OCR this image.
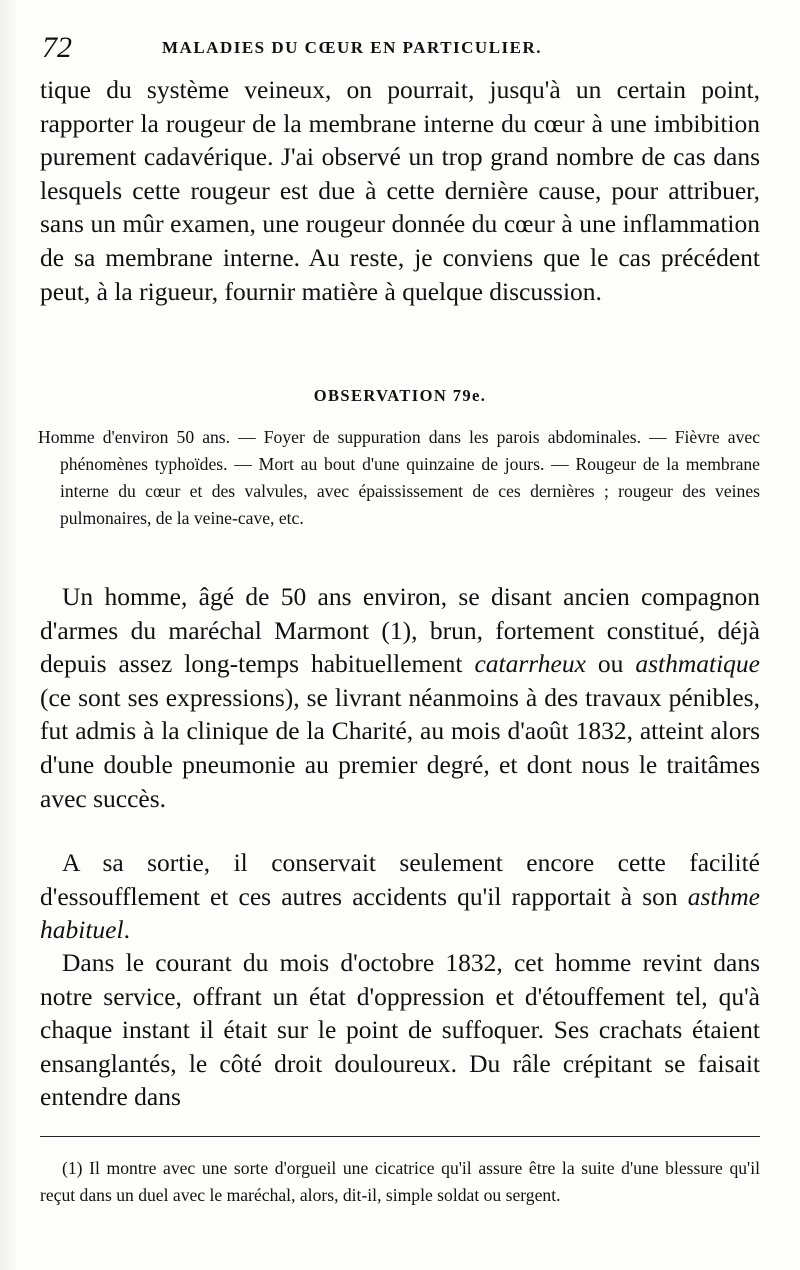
72	MALADIES DU CŒUR EN PARTICULIER.

tique du système veineux, on pourrait, jusqu'à un certain point, rapporter la rougeur de la membrane interne du cœur à une imbibition purement cadavérique. J'ai observé un trop grand nombre de cas dans lesquels cette rougeur est due à cette dernière cause, pour attribuer, sans un mûr examen, une rougeur donnée du cœur à une inflammation de sa membrane interne. Au reste, je conviens que le cas précédent peut, à la rigueur, fournir matière à quelque discussion.

OBSERVATION 79e.

Homme d'environ 50 ans. — Foyer de suppuration dans les parois abdominales. — Fièvre avec phénomènes typhoïdes. — Mort au bout d'une quinzaine de jours. — Rougeur de la membrane interne du cœur et des valvules, avec épaississement de ces dernières ; rougeur des veines pulmonaires, de la veine-cave, etc.

Un homme, âgé de 50 ans environ, se disant ancien compagnon d'armes du maréchal Marmont (1), brun, fortement constitué, déjà depuis assez long-temps habituellement catarrheux ou asthmatique (ce sont ses expressions), se livrant néanmoins à des travaux pénibles, fut admis à la clinique de la Charité, au mois d'août 1832, atteint alors d'une double pneumonie au premier degré, et dont nous le traitâmes avec succès.

A sa sortie, il conservait seulement encore cette facilité d'essoufflement et ces autres accidents qu'il rapportait à son asthme habituel.

Dans le courant du mois d'octobre 1832, cet homme revint dans notre service, offrant un état d'oppression et d'étouffement tel, qu'à chaque instant il était sur le point de suffoquer. Ses crachats étaient ensanglantés, le côté droit douloureux. Du râle crépitant se faisait entendre dans

(1) Il montre avec une sorte d'orgueil une cicatrice qu'il assure être la suite d'une blessure qu'il reçut dans un duel avec le maréchal, alors, dit-il, simple soldat ou sergent.
